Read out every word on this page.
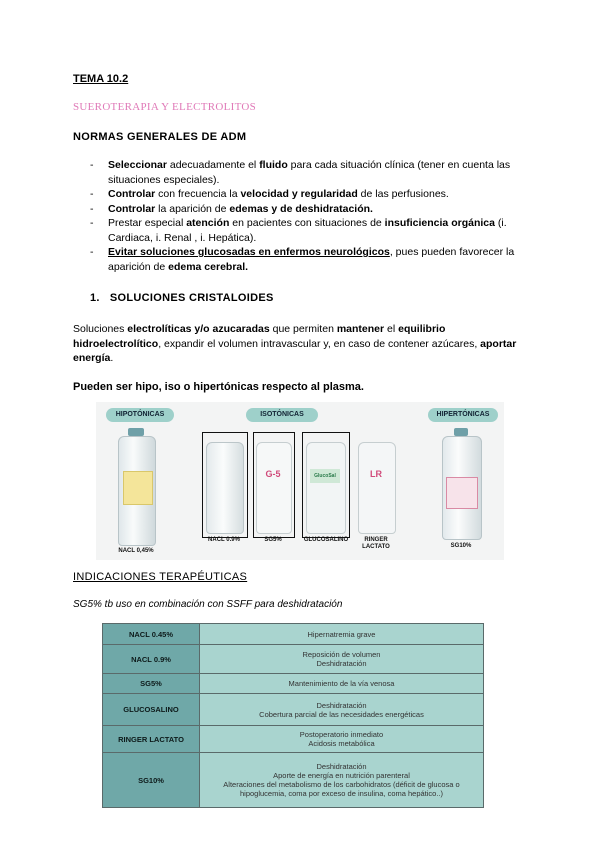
TEMA 10.2
SUEROTERAPIA Y ELECTROLITOS
NORMAS GENERALES DE ADM
- Seleccionar adecuadamente el fluido para cada situación clínica (tener en cuenta las situaciones especiales).
- Controlar con frecuencia la velocidad y regularidad de las perfusiones.
- Controlar la aparición de edemas y de deshidratación.
- Prestar especial atención en pacientes con situaciones de insuficiencia orgánica (i. Cardiaca, i. Renal , i. Hepática).
- Evitar soluciones glucosadas en enfermos neurológicos, pues pueden favorecer la aparición de edema cerebral.
1. SOLUCIONES CRISTALOIDES
Soluciones electrolíticas y/o azucaradas que permiten mantener el equilibrio hidroelectrolítico, expandir el volumen intravascular y, en caso de contener azúcares, aportar energía.
Pueden ser hipo, iso o hipertónicas respecto al plasma.
HIPOTÓNICAS	ISOTÓNICAS	HIPERTÓNICAS
NACL 0,45%
NACL 0.9%
G-5
SG5%
GlucoSal
GLUCOSALINO
LR
RINGER LACTATO	SG10%
INDICACIONES TERAPÉUTICAS
SG5% tb uso en combinación con SSFF para deshidratación
NACL 0.45%	Hipernatremia grave

NACL 0.9%	Reposición de volumen
Deshidratación

SG5%	Mantenimiento de la vía venosa

GLUCOSALINO	Deshidratación
Cobertura parcial de las necesidades energéticas

RINGER LACTATO	Postoperatorio inmediato
Acidosis metabólica

SG10%	Deshidratación
Aporte de energía en nutrición parenteral
Alteraciones del metabolismo de los carbohidratos (déficit de glucosa o
hipoglucemia, coma por exceso de insulina, coma hepático..)
